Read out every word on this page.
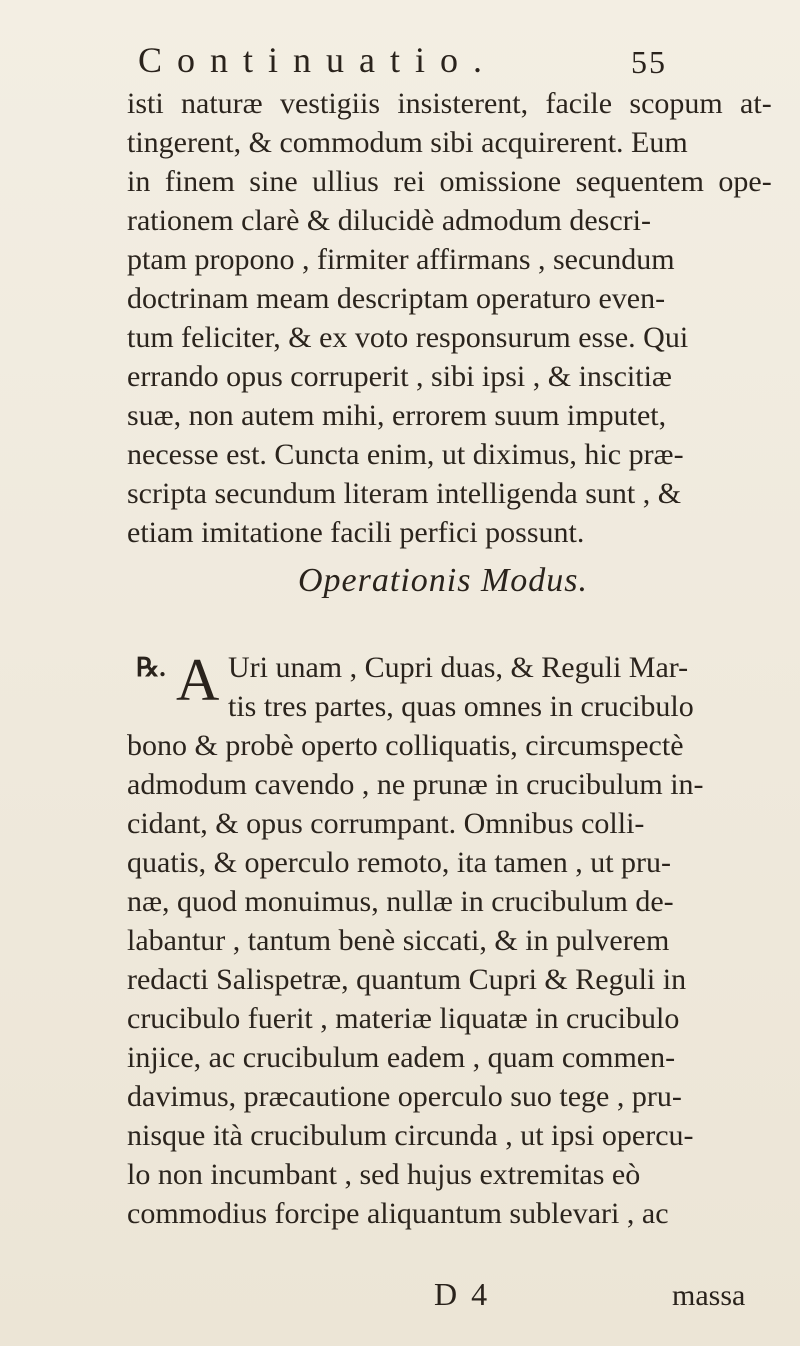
Continuatio.	55
isti naturæ vestigiis insisterent, facile scopum at-
tingerent, & commodum sibi acquirerent. Eum
in finem sine ullius rei omissione sequentem ope-
rationem clarè & dilucidè admodum descri-
ptam propono , firmiter affirmans , secundum
doctrinam meam descriptam operaturo even-
tum feliciter, & ex voto responsurum esse. Qui
errando opus corruperit , sibi ipsi , & inscitiæ
suæ, non autem mihi, errorem suum imputet,
necesse est. Cuncta enim, ut diximus, hic præ-
scripta secundum literam intelligenda sunt , &
etiam imitatione facili perfici possunt.
Operationis Modus.
℞. A Uri unam , Cupri duas, & Reguli Mar-
tis tres partes, quas omnes in crucibulo
bono & probè operto colliquatis, circumspectè
admodum cavendo , ne prunæ in crucibulum in-
cidant, & opus corrumpant. Omnibus colli-
quatis, & operculo remoto, ita tamen , ut pru-
næ, quod monuimus, nullæ in crucibulum de-
labantur , tantum benè siccati, & in pulverem
redacti Salispetræ, quantum Cupri & Reguli in
crucibulo fuerit , materiæ liquatæ in crucibulo
injice, ac crucibulum eadem , quam commen-
davimus, præcautione operculo suo tege , pru-
nisque ità crucibulum circunda , ut ipsi opercu-
lo non incumbant , sed hujus extremitas eò
commodius forcipe aliquantum sublevari , ac
D 4	massa
